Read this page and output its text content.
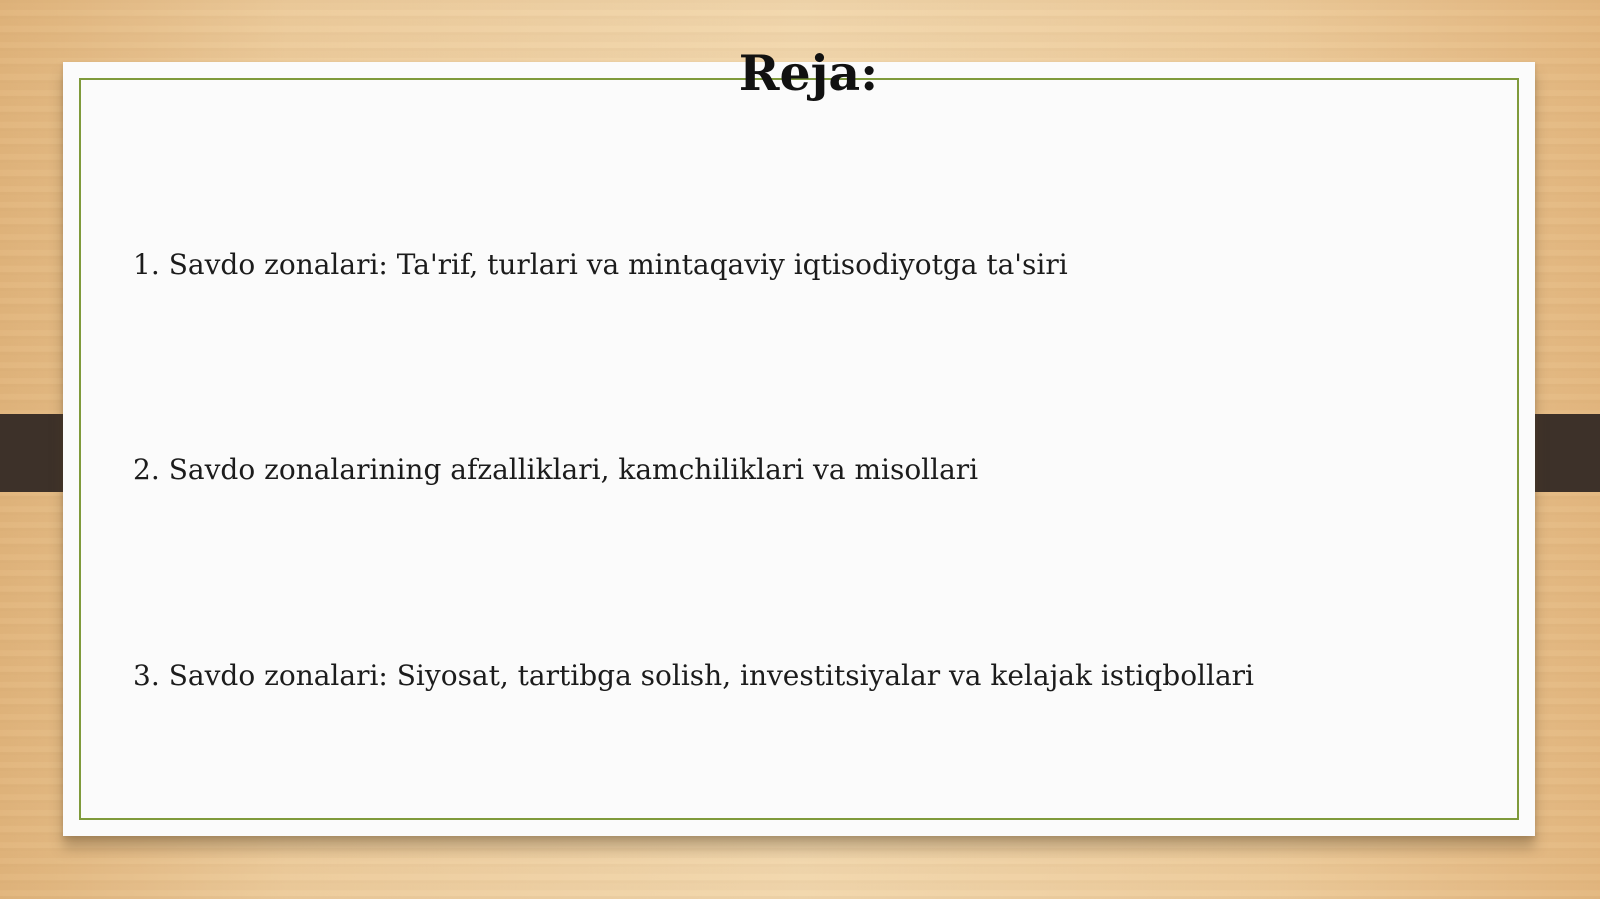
Reja:
1. Savdo zonalari: Ta'rif, turlari va mintaqaviy iqtisodiyotga ta'siri
2. Savdo zonalarining afzalliklari, kamchiliklari va misollari
3. Savdo zonalari: Siyosat, tartibga solish, investitsiyalar va kelajak istiqbollari
